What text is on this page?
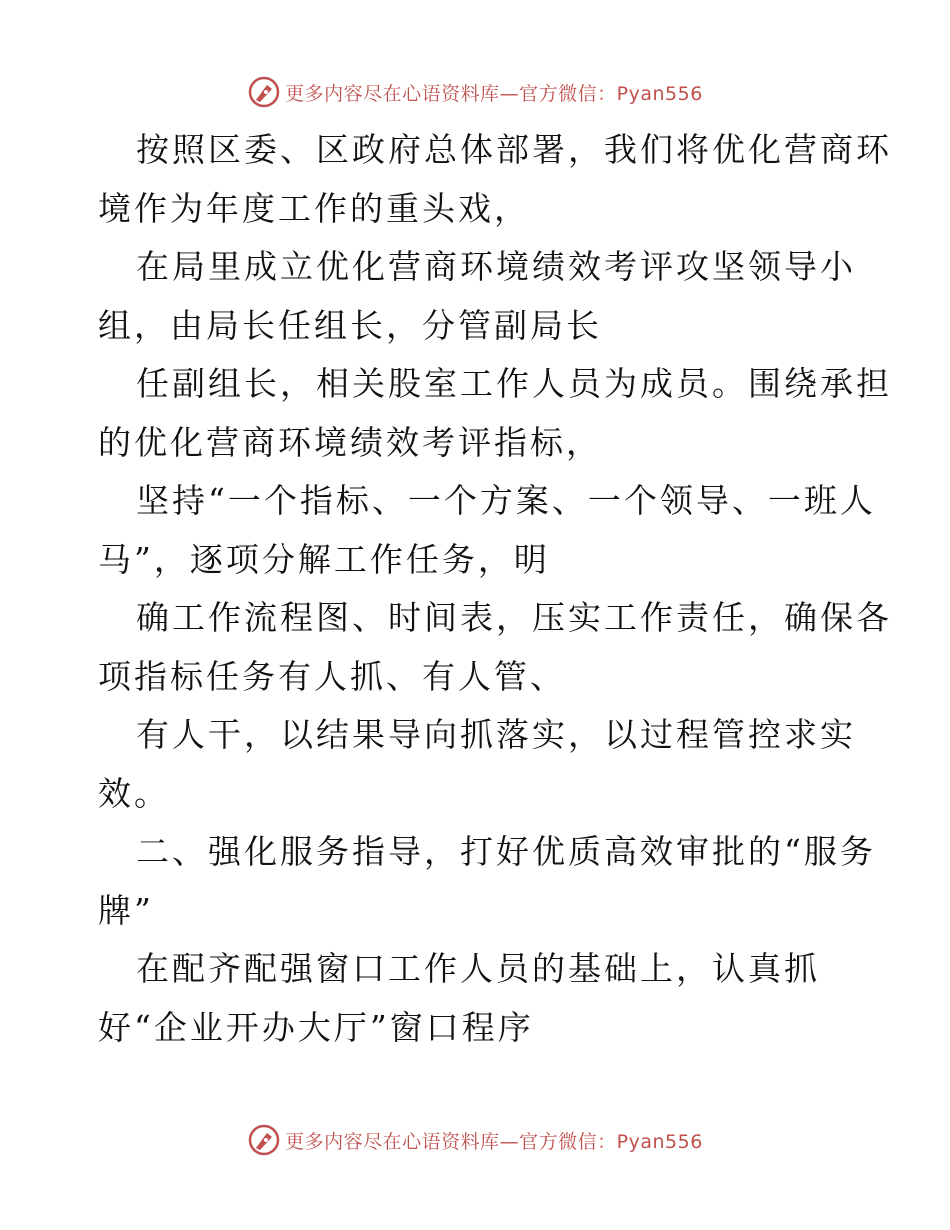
更多内容尽在心语资料库—官方微信：Pyan556

按照区委、区政府总体部署，我们将优化营商环

境作为年度工作的重头戏，

在局里成立优化营商环境绩效考评攻坚领导小

组，由局长任组长，分管副局长

任副组长，相关股室工作人员为成员。围绕承担

的优化营商环境绩效考评指标，

坚持“一个指标、一个方案、一个领导、一班人

马”，逐项分解工作任务，明

确工作流程图、时间表，压实工作责任，确保各

项指标任务有人抓、有人管、

有人干，以结果导向抓落实，以过程管控求实

效。

二、强化服务指导，打好优质高效审批的“服务

牌”

在配齐配强窗口工作人员的基础上，认真抓

好“企业开办大厅”窗口程序

更多内容尽在心语资料库—官方微信：Pyan556
